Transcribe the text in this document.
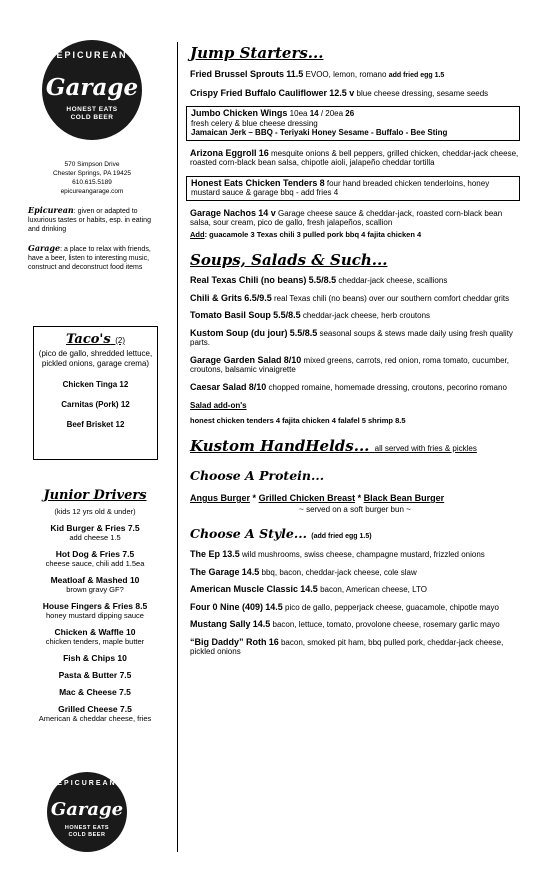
EPICUREAN
Garage
HONEST EATS
COLD BEER
570 Simpson Drive
Chester Springs, PA 19425
610.615.5189
epicureangarage.com
Epicurean: given or adapted to luxurious tastes or habits, esp. in eating and drinking
Garage: a place to relax with friends, have a beer, listen to interesting music, construct and deconstruct food items
Taco's (2)
(pico de gallo, shredded lettuce, pickled onions, garage crema)
Chicken Tinga 12
Carnitas (Pork) 12
Beef Brisket 12
Junior Drivers
(kids 12 yrs old & under)
Kid Burger & Fries 7.5
add cheese 1.5
Hot Dog & Fries 7.5
cheese sauce, chili add 1.5ea
Meatloaf & Mashed 10
brown gravy GF?
House Fingers & Fries 8.5
honey mustard dipping sauce
Chicken & Waffle 10
chicken tenders, maple butter
Fish & Chips 10
Pasta & Butter 7.5
Mac & Cheese 7.5
Grilled Cheese 7.5
American & cheddar cheese, fries
EPICUREAN
Garage
HONEST EATS
COLD BEER
Jump Starters...
Fried Brussel Sprouts 11.5 EVOO, lemon, romano add fried egg 1.5
Crispy Fried Buffalo Cauliflower 12.5 v blue cheese dressing, sesame seeds
Jumbo Chicken Wings 10ea 14 / 20ea 26
fresh celery & blue cheese dressing
Jamaican Jerk – BBQ - Teriyaki Honey Sesame - Buffalo - Bee Sting
Arizona Eggroll 16 mesquite onions & bell peppers, grilled chicken, cheddar-jack cheese, roasted corn-black bean salsa, chipotle aioli, jalapeño cheddar tortilla
Honest Eats Chicken Tenders 8 four hand breaded chicken tenderloins, honey mustard sauce & garage bbq - add fries 4
Garage Nachos 14 v Garage cheese sauce & cheddar-jack, roasted corn-black bean salsa, sour cream, pico de gallo, fresh jalapeños, scallion
Add: guacamole 3 Texas chili 3 pulled pork bbq 4 fajita chicken 4
Soups, Salads & Such...
Real Texas Chili (no beans) 5.5/8.5 cheddar-jack cheese, scallions
Chili & Grits 6.5/9.5 real Texas chili (no beans) over our southern comfort cheddar grits
Tomato Basil Soup 5.5/8.5 cheddar-jack cheese, herb croutons
Kustom Soup (du jour) 5.5/8.5 seasonal soups & stews made daily using fresh quality parts.
Garage Garden Salad 8/10 mixed greens, carrots, red onion, roma tomato, cucumber, croutons, balsamic vinaigrette
Caesar Salad 8/10 chopped romaine, homemade dressing, croutons, pecorino romano
Salad add-on's
honest chicken tenders 4 fajita chicken 4 falafel 5 shrimp 8.5
Kustom HandHelds... all served with fries & pickles
Choose A Protein...
Angus Burger * Grilled Chicken Breast * Black Bean Burger
~ served on a soft burger bun ~
Choose A Style... (add fried egg 1.5)
The Ep 13.5 wild mushrooms, swiss cheese, champagne mustard, frizzled onions
The Garage 14.5 bbq, bacon, cheddar-jack cheese, cole slaw
American Muscle Classic 14.5 bacon, American cheese, LTO
Four 0 Nine (409) 14.5 pico de gallo, pepperjack cheese, guacamole, chipotle mayo
Mustang Sally 14.5 bacon, lettuce, tomato, provolone cheese, rosemary garlic mayo
“Big Daddy” Roth 16 bacon, smoked pit ham, bbq pulled pork, cheddar-jack cheese, pickled onions
